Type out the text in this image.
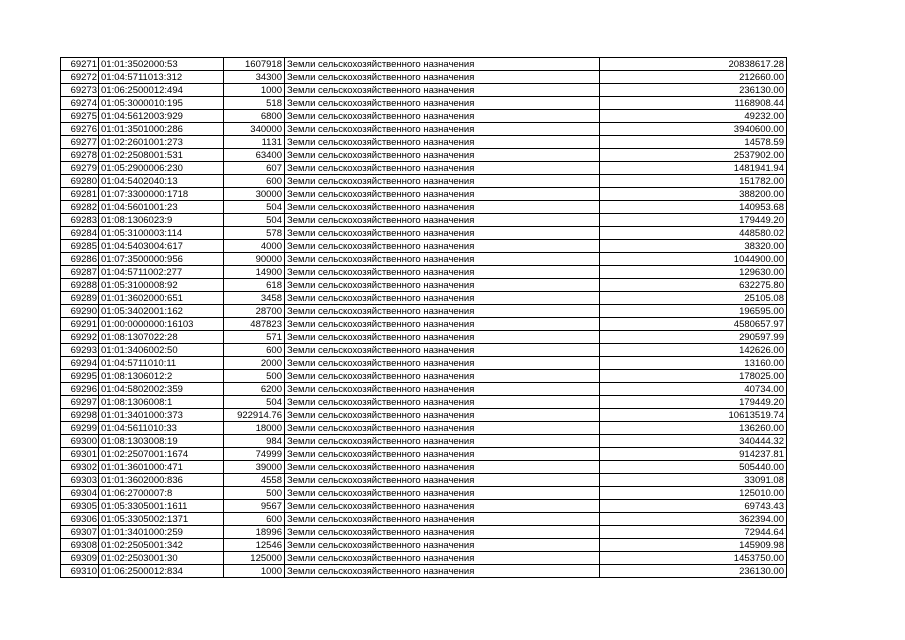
69271	01:01:3502000:53	1607918	Земли сельскохозяйственного назначения	20838617.28
69272	01:04:5711013:312	34300	Земли сельскохозяйственного назначения	212660.00
69273	01:06:2500012:494	1000	Земли сельскохозяйственного назначения	236130.00
69274	01:05:3000010:195	518	Земли сельскохозяйственного назначения	1168908.44
69275	01:04:5612003:929	6800	Земли сельскохозяйственного назначения	49232.00
69276	01:01:3501000:286	340000	Земли сельскохозяйственного назначения	3940600.00
69277	01:02:2601001:273	1131	Земли сельскохозяйственного назначения	14578.59
69278	01:02:2508001:531	63400	Земли сельскохозяйственного назначения	2537902.00
69279	01:05:2900006:230	607	Земли сельскохозяйственного назначения	1481941.94
69280	01:04:5402040:13	600	Земли сельскохозяйственного назначения	151782.00
69281	01:07:3300000:1718	30000	Земли сельскохозяйственного назначения	388200.00
69282	01:04:5601001:23	504	Земли сельскохозяйственного назначения	140953.68
69283	01:08:1306023:9	504	Земли сельскохозяйственного назначения	179449.20
69284	01:05:3100003:114	578	Земли сельскохозяйственного назначения	448580.02
69285	01:04:5403004:617	4000	Земли сельскохозяйственного назначения	38320.00
69286	01:07:3500000:956	90000	Земли сельскохозяйственного назначения	1044900.00
69287	01:04:5711002:277	14900	Земли сельскохозяйственного назначения	129630.00
69288	01:05:3100008:92	618	Земли сельскохозяйственного назначения	632275.80
69289	01:01:3602000:651	3458	Земли сельскохозяйственного назначения	25105.08
69290	01:05:3402001:162	28700	Земли сельскохозяйственного назначения	196595.00
69291	01:00:0000000:16103	487823	Земли сельскохозяйственного назначения	4580657.97
69292	01:08:1307022:28	571	Земли сельскохозяйственного назначения	290597.99
69293	01:01:3406002:50	600	Земли сельскохозяйственного назначения	142626.00
69294	01:04:5711010:11	2000	Земли сельскохозяйственного назначения	13160.00
69295	01:08:1306012:2	500	Земли сельскохозяйственного назначения	178025.00
69296	01:04:5802002:359	6200	Земли сельскохозяйственного назначения	40734.00
69297	01:08:1306008:1	504	Земли сельскохозяйственного назначения	179449.20
69298	01:01:3401000:373	922914.76	Земли сельскохозяйственного назначения	10613519.74
69299	01:04:5611010:33	18000	Земли сельскохозяйственного назначения	136260.00
69300	01:08:1303008:19	984	Земли сельскохозяйственного назначения	340444.32
69301	01:02:2507001:1674	74999	Земли сельскохозяйственного назначения	914237.81
69302	01:01:3601000:471	39000	Земли сельскохозяйственного назначения	505440.00
69303	01:01:3602000:836	4558	Земли сельскохозяйственного назначения	33091.08
69304	01:06:2700007:8	500	Земли сельскохозяйственного назначения	125010.00
69305	01:05:3305001:1611	9567	Земли сельскохозяйственного назначения	69743.43
69306	01:05:3305002:1371	600	Земли сельскохозяйственного назначения	362394.00
69307	01:01:3401000:259	18996	Земли сельскохозяйственного назначения	72944.64
69308	01:02:2505001:342	12546	Земли сельскохозяйственного назначения	145909.98
69309	01:02:2503001:30	125000	Земли сельскохозяйственного назначения	1453750.00
69310	01:06:2500012:834	1000	Земли сельскохозяйственного назначения	236130.00
